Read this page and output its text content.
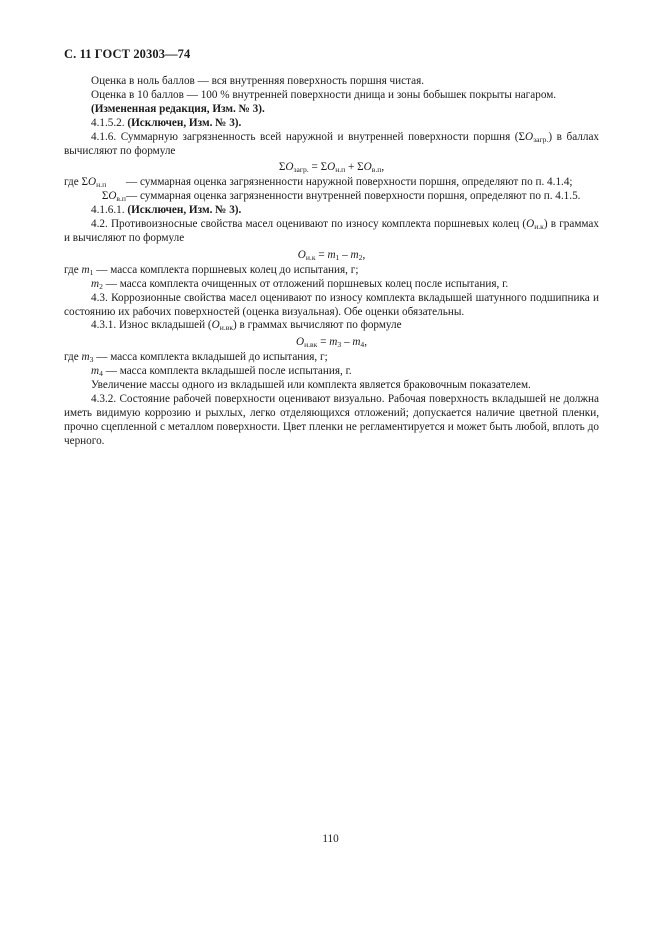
С. 11 ГОСТ 20303—74

Оценка в ноль баллов — вся внутренняя поверхность поршня чистая.

Оценка в 10 баллов — 100 % внутренней поверхности днища и зоны бобышек покрыты нагаром.

(Измененная редакция, Изм. № 3).

4.1.5.2. (Исключен, Изм. № 3).

4.1.6. Суммарную загрязненность всей наружной и внутренней поверхности поршня $(\Sigma О_{загр.})$ в баллах вычисляют по формуле

$\Sigma О_{загр.} = \Sigma О_{н.п} + \Sigma О_{в.п}$,
где $\Sigma О_{н.п}$	— суммарная оценка загрязненности наружной поверхности поршня, определяют по п. 4.1.4;
$\Sigma О_{в.п}$ — суммарная оценка загрязненности внутренней поверхности поршня, определяют по п. 4.1.5.

4.1.6.1. (Исключен, Изм. № 3).

4.2. Противоизносные свойства масел оценивают по износу комплекта поршневых колец $(О_{и.к})$ в граммах и вычисляют по формуле

$О_{и.к} = m_1 - m_2$,

где $m_1$ — масса комплекта поршневых колец до испытания, г;

$m_2$ — масса комплекта очищенных от отложений поршневых колец после испытания, г.

4.3. Коррозионные свойства масел оценивают по износу комплекта вкладышей шатунного подшипника и состоянию их рабочих поверхностей (оценка визуальная). Обе оценки обязательны.

4.3.1. Износ вкладышей $(О_{и.вк})$ в граммах вычисляют по формуле

$О_{и.вк} = m_3 - m_4$,

где $m_3$ — масса комплекта вкладышей до испытания, г;

$m_4$ — масса комплекта вкладышей после испытания, г.

Увеличение массы одного из вкладышей или комплекта является браковочным показателем.

4.3.2. Состояние рабочей поверхности оценивают визуально. Рабочая поверхность вкладышей не должна иметь видимую коррозию и рыхлых, легко отделяющихся отложений; допускается наличие цветной пленки, прочно сцепленной с металлом поверхности. Цвет пленки не регламентируется и может быть любой, вплоть до черного.

110
